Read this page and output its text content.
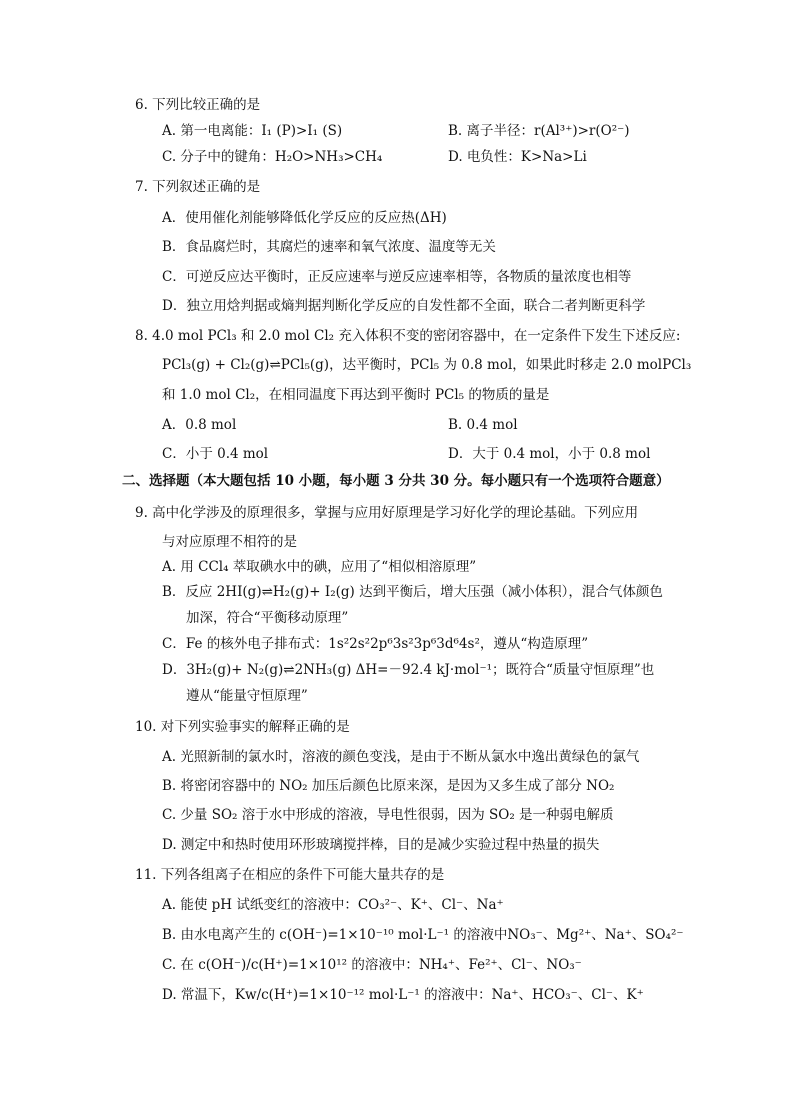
6. 下列比较正确的是
A. 第一电离能：I₁ (P)>I₁ (S)	B. 离子半径：r(Al³⁺)>r(O²⁻)
C. 分子中的键角：H₂O>NH₃>CH₄	D. 电负性：K>Na>Li
7. 下列叙述正确的是
A．使用催化剂能够降低化学反应的反应热(ΔH)
B．食品腐烂时，其腐烂的速率和氧气浓度、温度等无关
C．可逆反应达平衡时，正反应速率与逆反应速率相等，各物质的量浓度也相等
D．独立用焓判据或熵判据判断化学反应的自发性都不全面，联合二者判断更科学
8. 4.0 mol PCl₃ 和 2.0 mol Cl₂ 充入体积不变的密闭容器中，在一定条件下发生下述反应:
PCl₃(g) + Cl₂(g)⇌PCl₅(g)，达平衡时，PCl₅ 为 0.8 mol，如果此时移走 2.0 molPCl₃
和 1.0 mol Cl₂，在相同温度下再达到平衡时 PCl₅ 的物质的量是
A．0.8 mol	B. 0.4 mol
C．小于 0.4 mol	D．大于 0.4 mol，小于 0.8 mol
二、选择题（本大题包括 10 小题，每小题 3 分共 30 分。每小题只有一个选项符合题意）
9. 高中化学涉及的原理很多，掌握与应用好原理是学习好化学的理论基础。下列应用
与对应原理不相符的是
A. 用 CCl₄ 萃取碘水中的碘，应用了“相似相溶原理”
B．反应 2HI(g)⇌H₂(g)+ I₂(g) 达到平衡后，增大压强（减小体积），混合气体颜色
加深，符合“平衡移动原理”
C．Fe 的核外电子排布式：1s²2s²2p⁶3s²3p⁶3d⁶4s²，遵从“构造原理”
D．3H₂(g)+ N₂(g)⇌2NH₃(g) ΔH=－92.4 kJ·mol⁻¹；既符合“质量守恒原理”也
遵从“能量守恒原理”
10. 对下列实验事实的解释正确的是
A. 光照新制的氯水时，溶液的颜色变浅，是由于不断从氯水中逸出黄绿色的氯气
B. 将密闭容器中的 NO₂ 加压后颜色比原来深，是因为又多生成了部分 NO₂
C. 少量 SO₂ 溶于水中形成的溶液，导电性很弱，因为 SO₂ 是一种弱电解质
D. 测定中和热时使用环形玻璃搅拌棒，目的是减少实验过程中热量的损失
11. 下列各组离子在相应的条件下可能大量共存的是
A. 能使 pH 试纸变红的溶液中：CO₃²⁻、K⁺、Cl⁻、Na⁺
B. 由水电离产生的 c(OH⁻)=1×10⁻¹⁰ mol·L⁻¹ 的溶液中NO₃⁻、Mg²⁺、Na⁺、SO₄²⁻
C. 在 c(OH⁻)/c(H⁺)=1×10¹² 的溶液中：NH₄⁺、Fe²⁺、Cl⁻、NO₃⁻
D. 常温下，Kw/c(H⁺)=1×10⁻¹² mol·L⁻¹ 的溶液中：Na⁺、HCO₃⁻、Cl⁻、K⁺
